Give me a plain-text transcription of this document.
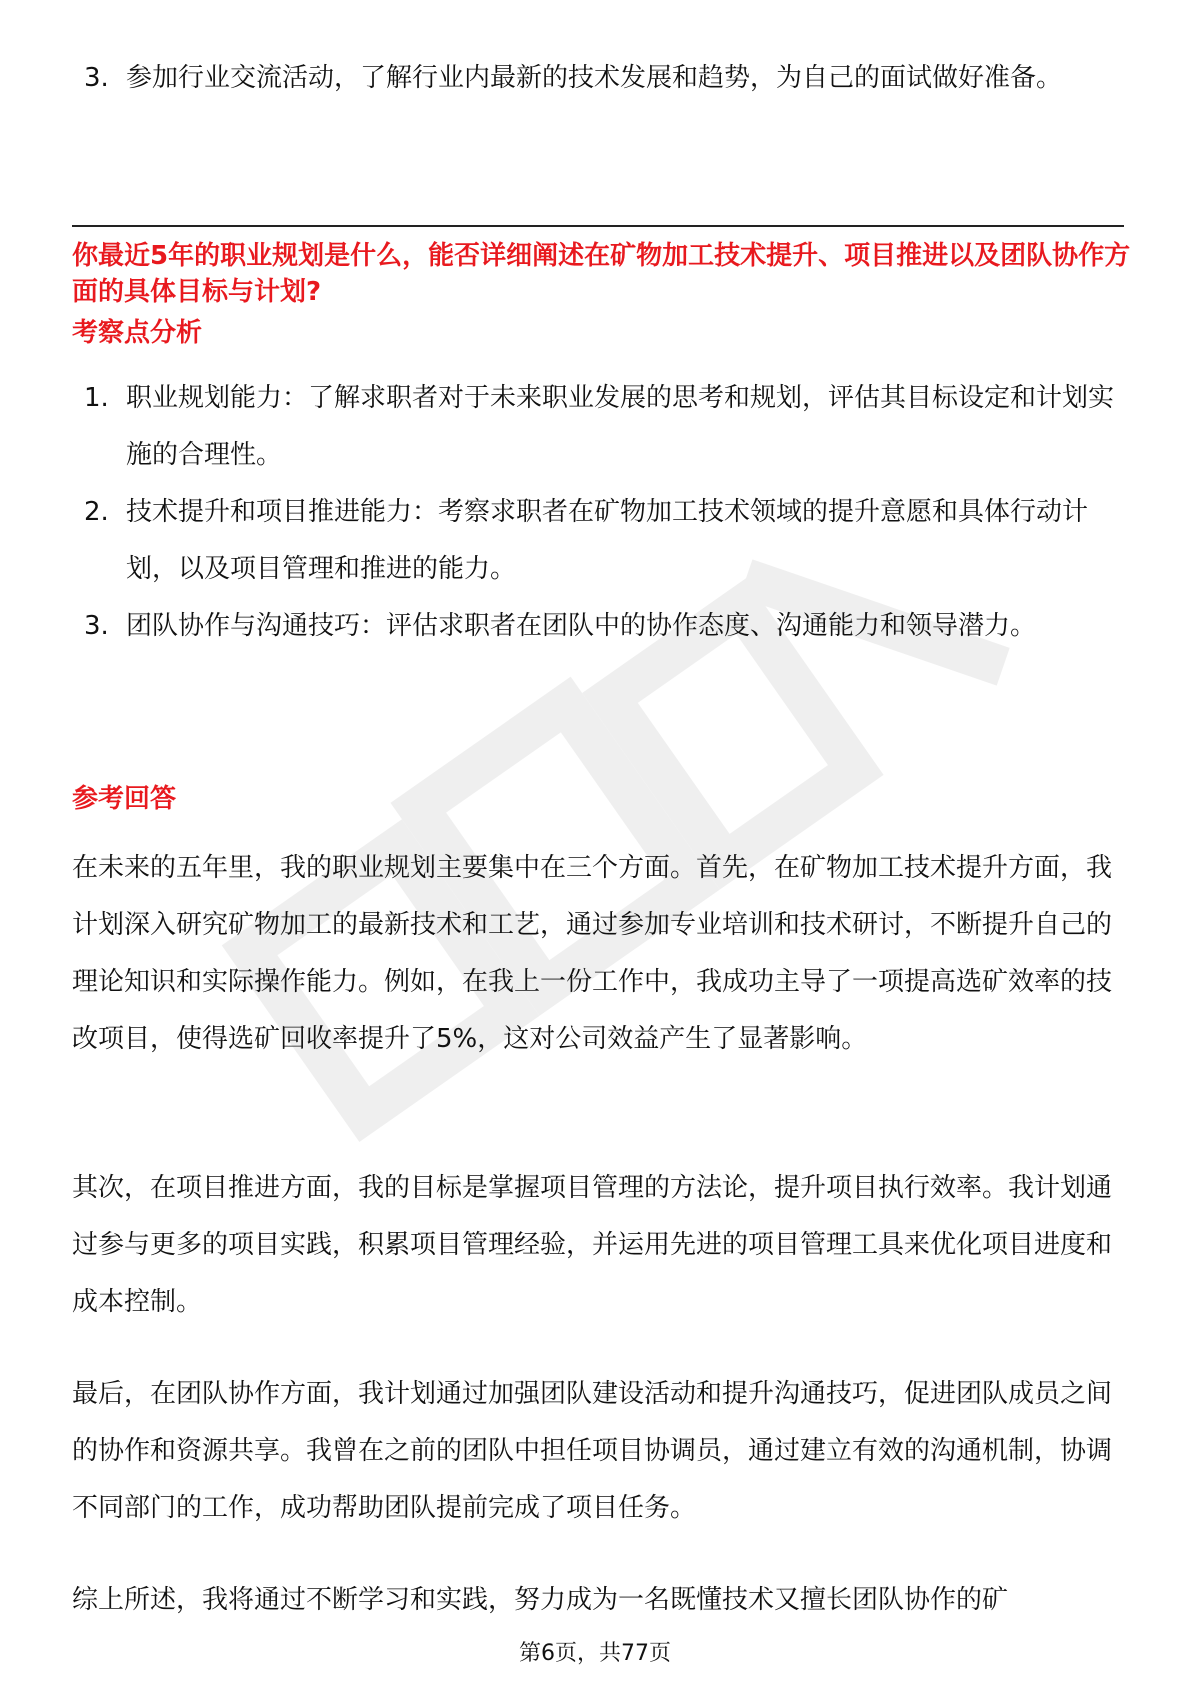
3. 参加行业交流活动，了解行业内最新的技术发展和趋势，为自己的面试做好准备。
你最近5年的职业规划是什么，能否详细阐述在矿物加工技术提升、项目推进以及团队协作方面的具体目标与计划?
考察点分析
1. 职业规划能力：了解求职者对于未来职业发展的思考和规划，评估其目标设定和计划实施的合理性。
2. 技术提升和项目推进能力：考察求职者在矿物加工技术领域的提升意愿和具体行动计划，以及项目管理和推进的能力。
3. 团队协作与沟通技巧：评估求职者在团队中的协作态度、沟通能力和领导潜力。
参考回答

在未来的五年里，我的职业规划主要集中在三个方面。首先，在矿物加工技术提升方面，我计划深入研究矿物加工的最新技术和工艺，通过参加专业培训和技术研讨，不断提升自己的理论知识和实际操作能力。例如，在我上一份工作中，我成功主导了一项提高选矿效率的技改项目，使得选矿回收率提升了5%，这对公司效益产生了显著影响。

其次，在项目推进方面，我的目标是掌握项目管理的方法论，提升项目执行效率。我计划通过参与更多的项目实践，积累项目管理经验，并运用先进的项目管理工具来优化项目进度和成本控制。

最后，在团队协作方面，我计划通过加强团队建设活动和提升沟通技巧，促进团队成员之间的协作和资源共享。我曾在之前的团队中担任项目协调员，通过建立有效的沟通机制，协调不同部门的工作，成功帮助团队提前完成了项目任务。

综上所述，我将通过不断学习和实践，努力成为一名既懂技术又擅长团队协作的矿

第6页，共77页
